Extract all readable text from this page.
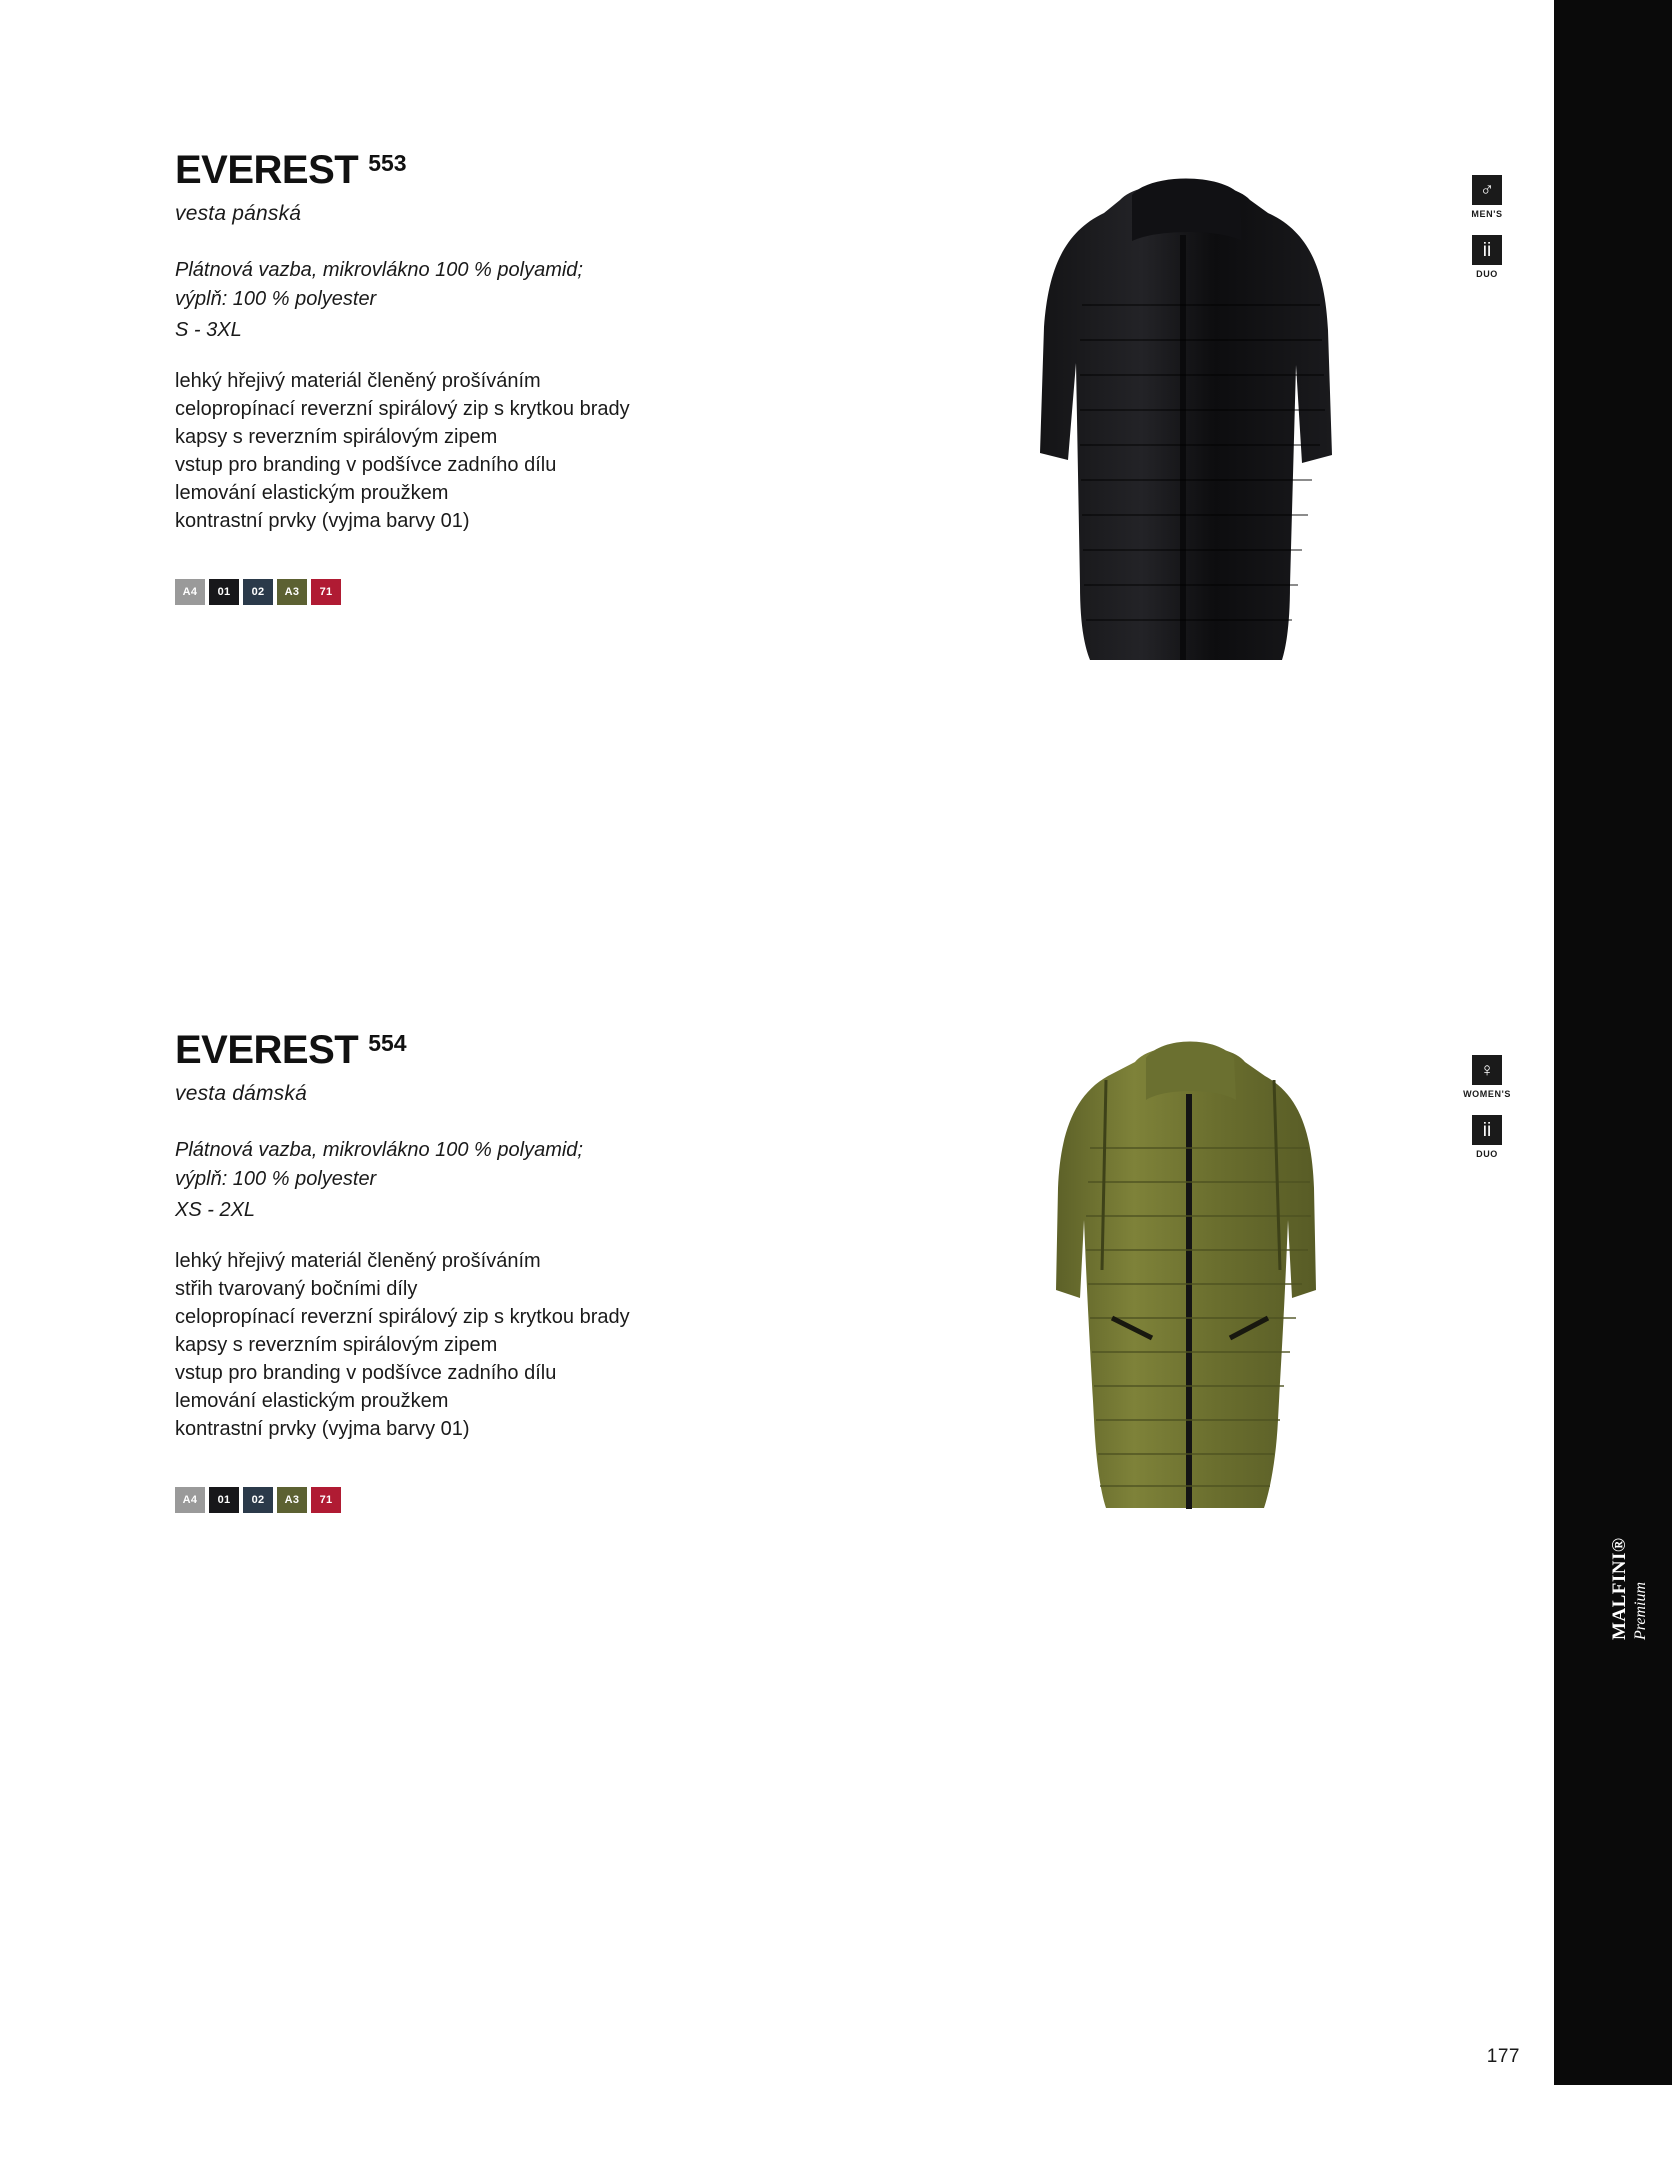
EVEREST 553
vesta pánská
Plátnová vazba, mikrovlákno 100 % polyamid;
výplň: 100 % polyester
S - 3XL
lehký hřejivý materiál členěný prošíváním
celopropínací reverzní spirálový zip s krytkou brady
kapsy s reverzním spirálovým zipem
vstup pro branding v podšívce zadního dílu
lemování elastickým proužkem
kontrastní prvky (vyjma barvy 01)
A4	01	02	A3	71
♂
MEN'S
ii
DUO
EVEREST 554
vesta dámská
Plátnová vazba, mikrovlákno 100 % polyamid;
výplň: 100 % polyester
XS - 2XL
lehký hřejivý materiál členěný prošíváním
střih tvarovaný bočními díly
celopropínací reverzní spirálový zip s krytkou brady
kapsy s reverzním spirálovým zipem
vstup pro branding v podšívce zadního dílu
lemování elastickým proužkem
kontrastní prvky (vyjma barvy 01)
A4	01	02	A3	71
♀
WOMEN'S
ii
DUO
MALFINI® Premium
177
